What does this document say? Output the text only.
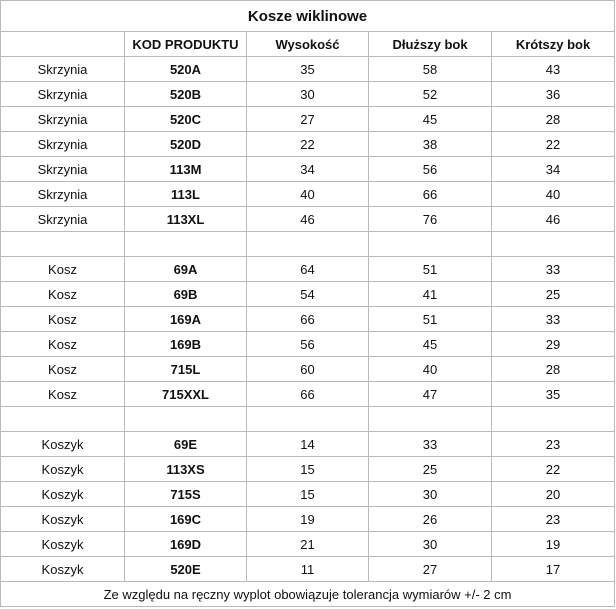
Kosze wiklinowe				
	KOD PRODUKTU	Wysokość	Dłuższy bok	Krótszy bok
Skrzynia	520A	35	58	43
Skrzynia	520B	30	52	36
Skrzynia	520C	27	45	28
Skrzynia	520D	22	38	22
Skrzynia	113M	34	56	34
Skrzynia	113L	40	66	40
Skrzynia	113XL	46	76	46

Kosz	69A	64	51	33
Kosz	69B	54	41	25
Kosz	169A	66	51	33
Kosz	169B	56	45	29
Kosz	715L	60	40	28
Kosz	715XXL	66	47	35

Koszyk	69E	14	33	23
Koszyk	113XS	15	25	22
Koszyk	715S	15	30	20
Koszyk	169C	19	26	23
Koszyk	169D	21	30	19
Koszyk	520E	11	27	17
Ze względu na ręczny wyplot obowiązuje tolerancja wymiarów +/- 2 cm				
